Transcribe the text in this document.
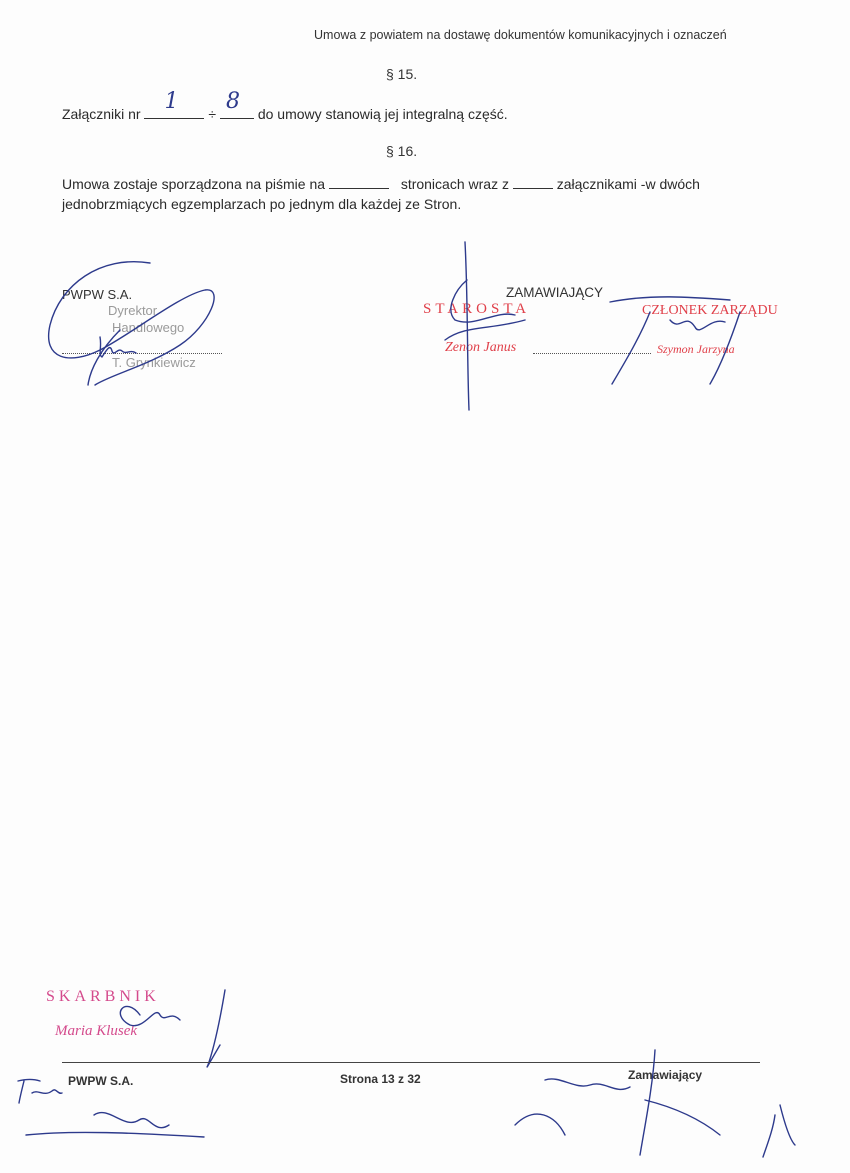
Umowa z powiatem na dostawę dokumentów komunikacyjnych i oznaczeń
§ 15.
Załączniki nr 1 ÷ 8 do umowy stanowią jej integralną część.
§ 16.
Umowa zostaje sporządzona na piśmie na	stronicach wraz z	załącznikami -w dwóch
jednobrzmiących egzemplarzach po jednym dla każdej ze Stron.
PWPW S.A.
Dyrektor
Handlowego
T. Grynkiewicz
ZAMAWIAJĄCY
STAROSTA
Zenon Janus
CZŁONEK ZARZĄDU
Szymon Jarzyna
SKARBNIK
Maria Klusek
PWPW S.A.	Strona 13 z 32	Zamawiający
